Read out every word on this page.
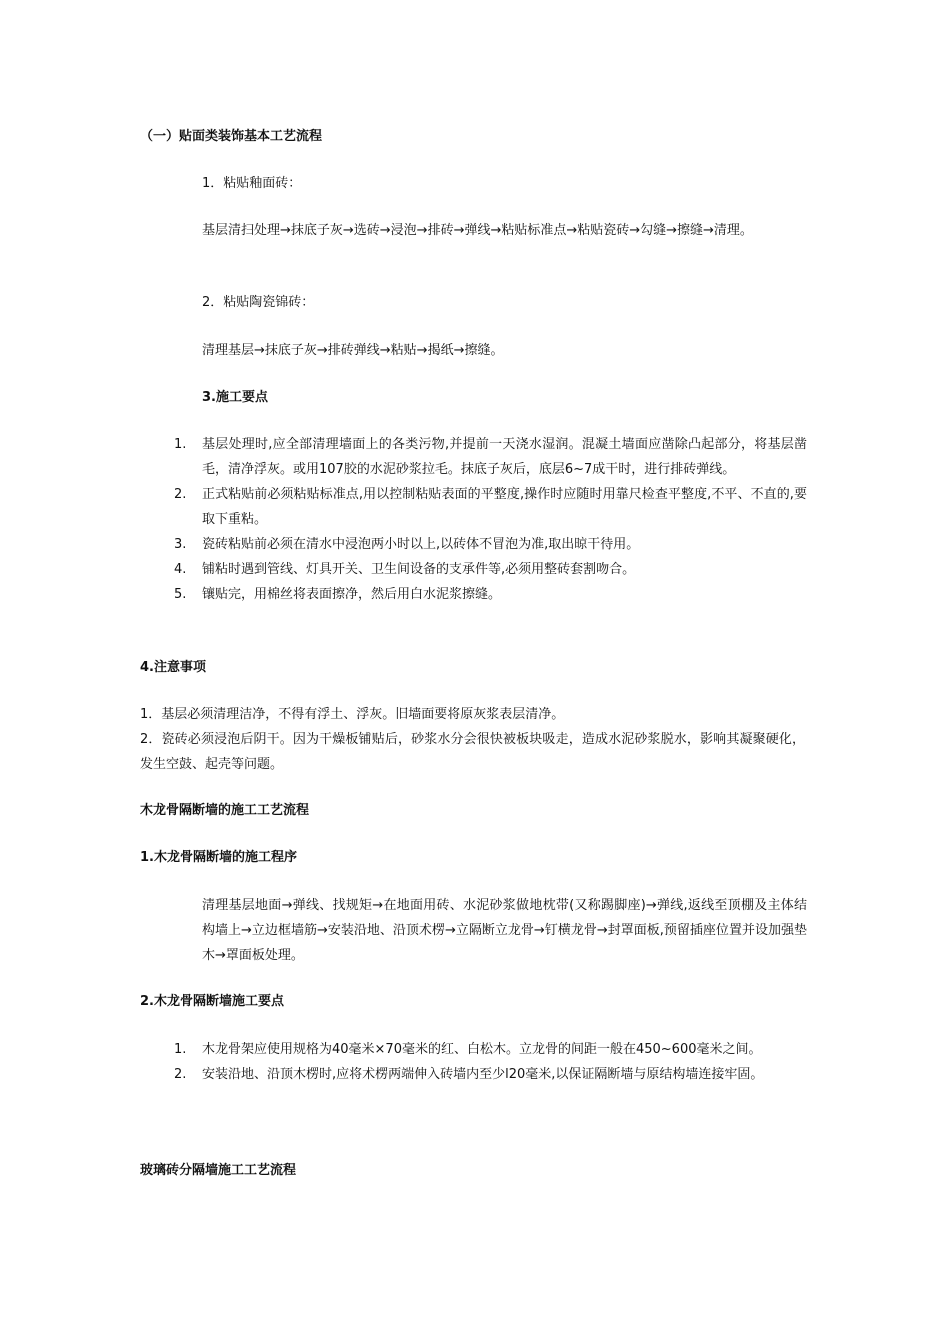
（一）贴面类装饰基本工艺流程
1．粘贴釉面砖：
基层清扫处理→抹底子灰→选砖→浸泡→排砖→弹线→粘贴标准点→粘贴瓷砖→勾缝→擦缝→清理。
2．粘贴陶瓷锦砖：
清理基层→抹底子灰→排砖弹线→粘贴→揭纸→擦缝。
3.施工要点
1. 基层处理时,应全部清理墙面上的各类污物,并提前一天浇水湿润。混凝土墙面应凿除凸起部分，将基层凿毛，清净浮灰。或用107胶的水泥砂浆拉毛。抹底子灰后，底层6~7成干时，进行排砖弹线。
2. 正式粘贴前必须粘贴标准点,用以控制粘贴表面的平整度,操作时应随时用靠尺检查平整度,不平、不直的,要取下重粘。
3. 瓷砖粘贴前必须在清水中浸泡两小时以上,以砖体不冒泡为准,取出晾干待用。
4. 铺粘时遇到管线、灯具开关、卫生间设备的支承件等,必须用整砖套割吻合。
5. 镶贴完，用棉丝将表面擦净，然后用白水泥浆擦缝。
4.注意事项
1．基层必须清理洁净，不得有浮土、浮灰。旧墙面要将原灰浆表层清净。
2．瓷砖必须浸泡后阴干。因为干燥板铺贴后，砂浆水分会很快被板块吸走，造成水泥砂浆脱水，影响其凝聚硬化，发生空鼓、起壳等问题。
木龙骨隔断墙的施工工艺流程
1.木龙骨隔断墙的施工程序
清理基层地面→弹线、找规矩→在地面用砖、水泥砂浆做地枕带(又称踢脚座)→弹线,返线至顶棚及主体结构墙上→立边框墙筋→安装沿地、沿顶术楞→立隔断立龙骨→钉横龙骨→封罩面板,预留插座位置并设加强垫木→罩面板处理。
2.木龙骨隔断墙施工要点
1. 木龙骨架应使用规格为40毫米×70毫米的红、白松木。立龙骨的间距一般在450~600毫米之间。
2. 安装沿地、沿顶木楞时,应将术楞两端伸入砖墙内至少l20毫米,以保证隔断墙与原结构墙连接牢固。
玻璃砖分隔墙施工工艺流程
